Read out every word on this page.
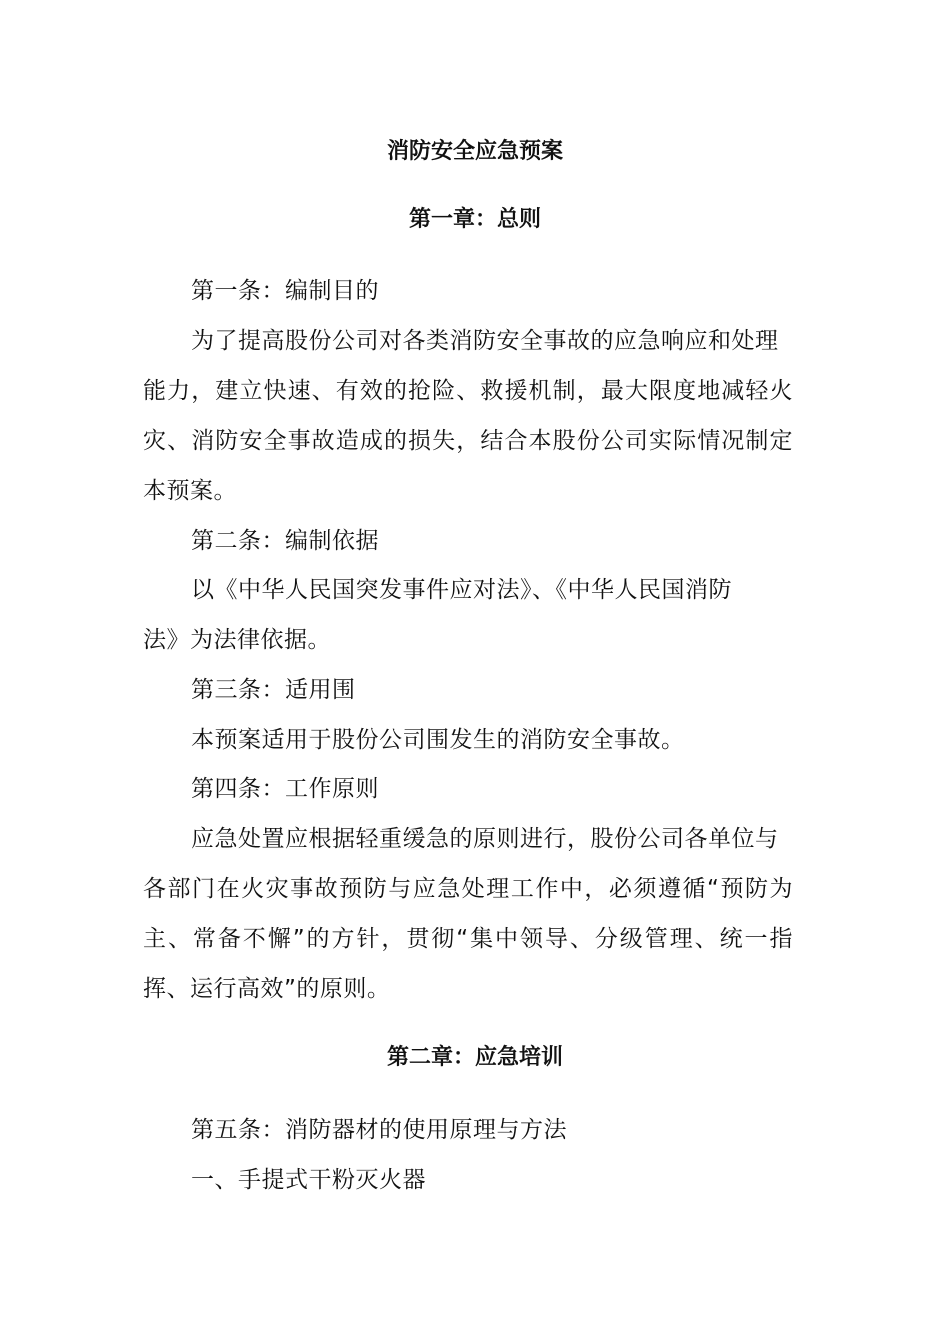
消防安全应急预案
第一章：总则
第一条：编制目的
为了提高股份公司对各类消防安全事故的应急响应和处理
能力，建立快速、有效的抢险、救援机制，最大限度地减轻火
灾、消防安全事故造成的损失，结合本股份公司实际情况制定
本预案。
第二条：编制依据
以《中华人民国突发事件应对法》、《中华人民国消防
法》为法律依据。
第三条：适用围
本预案适用于股份公司围发生的消防安全事故。
第四条：工作原则
应急处置应根据轻重缓急的原则进行，股份公司各单位与
各部门在火灾事故预防与应急处理工作中，必须遵循“预防为
主、常备不懈”的方针，贯彻“集中领导、分级管理、统一指
挥、运行高效”的原则。
第二章：应急培训
第五条：消防器材的使用原理与方法
一、手提式干粉灭火器
